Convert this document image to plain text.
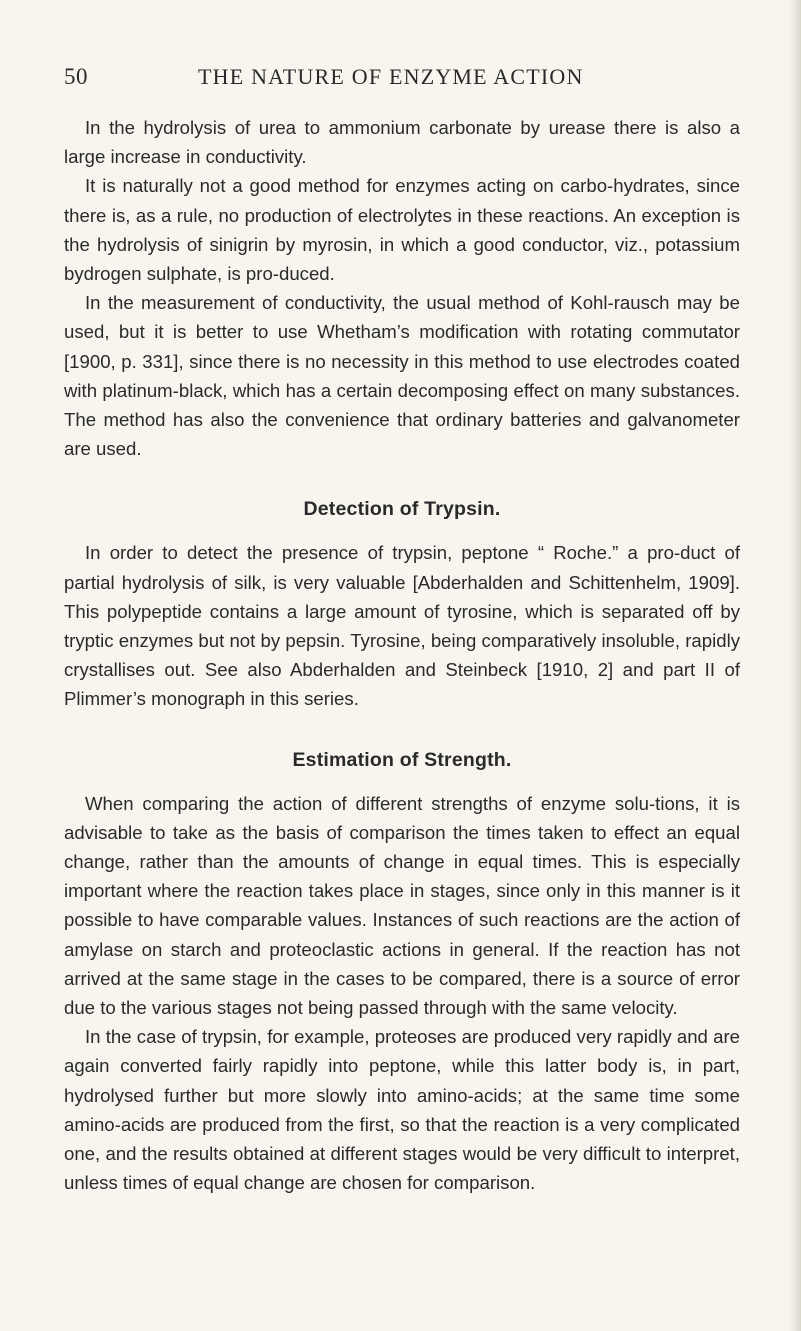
50	THE NATURE OF ENZYME ACTION

In the hydrolysis of urea to ammonium carbonate by urease there is also a large increase in conductivity.

It is naturally not a good method for enzymes acting on carbo-hydrates, since there is, as a rule, no production of electrolytes in these reactions. An exception is the hydrolysis of sinigrin by myrosin, in which a good conductor, viz., potassium bydrogen sulphate, is pro-duced.

In the measurement of conductivity, the usual method of Kohl-rausch may be used, but it is better to use Whetham’s modification with rotating commutator [1900, p. 331], since there is no necessity in this method to use electrodes coated with platinum-black, which has a certain decomposing effect on many substances. The method has also the convenience that ordinary batteries and galvanometer are used.

Detection of Trypsin.

In order to detect the presence of trypsin, peptone “ Roche.” a pro-duct of partial hydrolysis of silk, is very valuable [Abderhalden and Schittenhelm, 1909]. This polypeptide contains a large amount of tyrosine, which is separated off by tryptic enzymes but not by pepsin. Tyrosine, being comparatively insoluble, rapidly crystallises out. See also Abderhalden and Steinbeck [1910, 2] and part II of Plimmer’s monograph in this series.

Estimation of Strength.

When comparing the action of different strengths of enzyme solu-tions, it is advisable to take as the basis of comparison the times taken to effect an equal change, rather than the amounts of change in equal times. This is especially important where the reaction takes place in stages, since only in this manner is it possible to have comparable values. Instances of such reactions are the action of amylase on starch and proteoclastic actions in general. If the reaction has not arrived at the same stage in the cases to be compared, there is a source of error due to the various stages not being passed through with the same velocity.

In the case of trypsin, for example, proteoses are produced very rapidly and are again converted fairly rapidly into peptone, while this latter body is, in part, hydrolysed further but more slowly into amino-acids; at the same time some amino-acids are produced from the first, so that the reaction is a very complicated one, and the results obtained at different stages would be very difficult to interpret, unless times of equal change are chosen for comparison.
